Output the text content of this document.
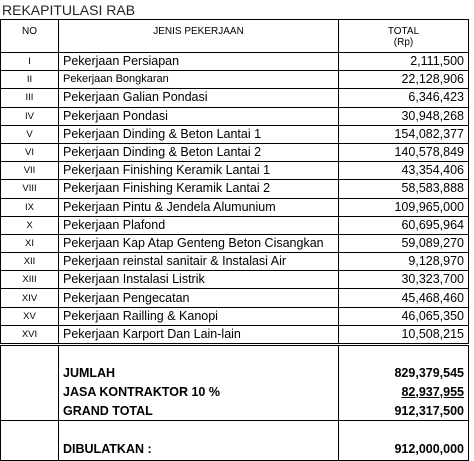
REKAPITULASI RAB
NO	JENIS PEKERJAAN	TOTAL
		(Rp)
I	Pekerjaan Persiapan	2,111,500
II	Pekerjaan Bongkaran	22,128,906
III	Pekerjaan Galian Pondasi	6,346,423
IV	Pekerjaan Pondasi	30,948,268
V	Pekerjaan Dinding & Beton Lantai 1	154,082,377
VI	Pekerjaan Dinding & Beton Lantai 2	140,578,849
VII	Pekerjaan Finishing Keramik Lantai 1	43,354,406
VIII	Pekerjaan Finishing Keramik Lantai 2	58,583,888
IX	Pekerjaan Pintu & Jendela Alumunium	109,965,000
X	Pekerjaan Plafond	60,695,964
XI	Pekerjaan Kap Atap Genteng Beton Cisangkan	59,089,270
XII	Pekerjaan reinstal sanitair & Instalasi Air	9,128,970
XIII	Pekerjaan Instalasi Listrik	30,323,700
XIV	Pekerjaan Pengecatan	45,468,460
XV	Pekerjaan Railling & Kanopi	46,065,350
XVI	Pekerjaan Karport Dan Lain-lain	10,508,215

	JUMLAH	829,379,545
	JASA KONTRAKTOR 10 %	82,937,955
	GRAND TOTAL	912,317,500

	DIBULATKAN :	912,000,000
